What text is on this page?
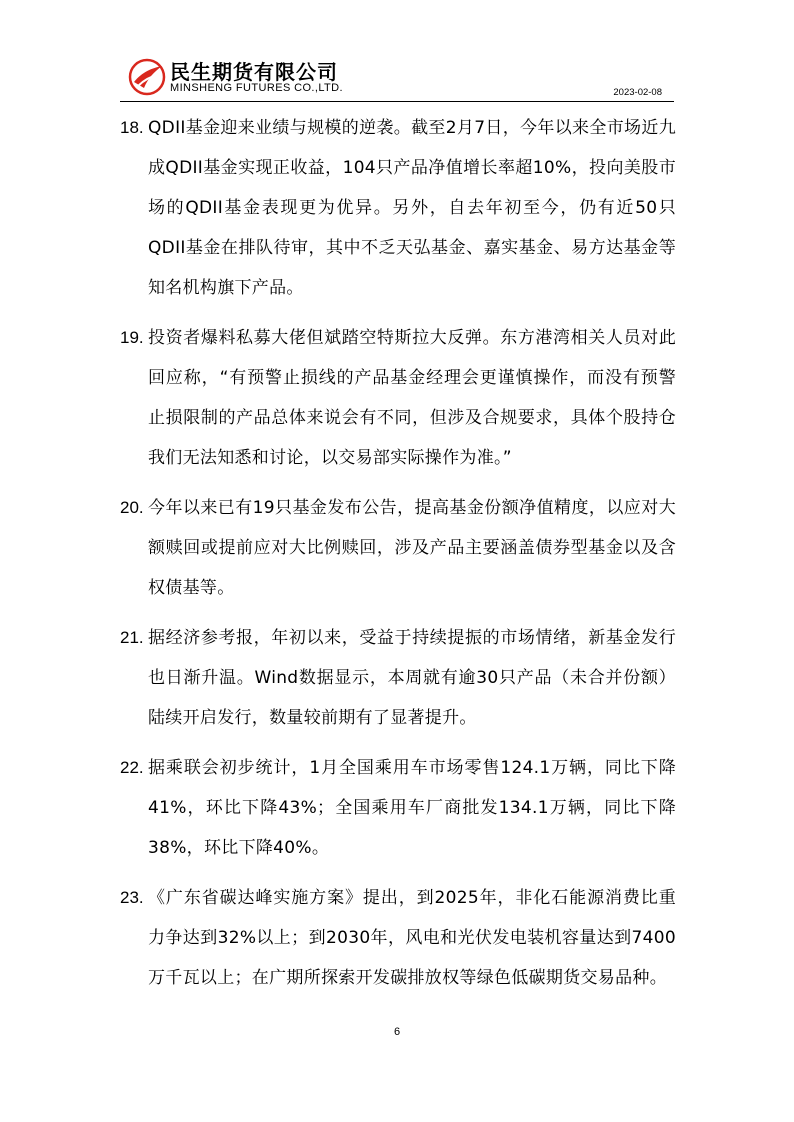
民生期货有限公司
MINSHENG FUTURES CO.,LTD.	2023-02-08
18. QDII基金迎来业绩与规模的逆袭。截至2月7日，今年以来全市场近九成QDII基金实现正收益，104只产品净值增长率超10%，投向美股市场的QDII基金表现更为优异。另外，自去年初至今，仍有近50只QDII基金在排队待审，其中不乏天弘基金、嘉实基金、易方达基金等知名机构旗下产品。
19. 投资者爆料私募大佬但斌踏空特斯拉大反弹。东方港湾相关人员对此回应称，“有预警止损线的产品基金经理会更谨慎操作，而没有预警止损限制的产品总体来说会有不同，但涉及合规要求，具体个股持仓我们无法知悉和讨论，以交易部实际操作为准。”
20. 今年以来已有19只基金发布公告，提高基金份额净值精度，以应对大额赎回或提前应对大比例赎回，涉及产品主要涵盖债券型基金以及含权债基等。
21. 据经济参考报，年初以来，受益于持续提振的市场情绪，新基金发行也日渐升温。Wind数据显示，本周就有逾30只产品（未合并份额）陆续开启发行，数量较前期有了显著提升。
22. 据乘联会初步统计，1月全国乘用车市场零售124.1万辆，同比下降41%，环比下降43%；全国乘用车厂商批发134.1万辆，同比下降38%，环比下降40%。
23. 《广东省碳达峰实施方案》提出，到2025年，非化石能源消费比重力争达到32%以上；到2030年，风电和光伏发电装机容量达到7400万千瓦以上；在广期所探索开发碳排放权等绿色低碳期货交易品种。
6
